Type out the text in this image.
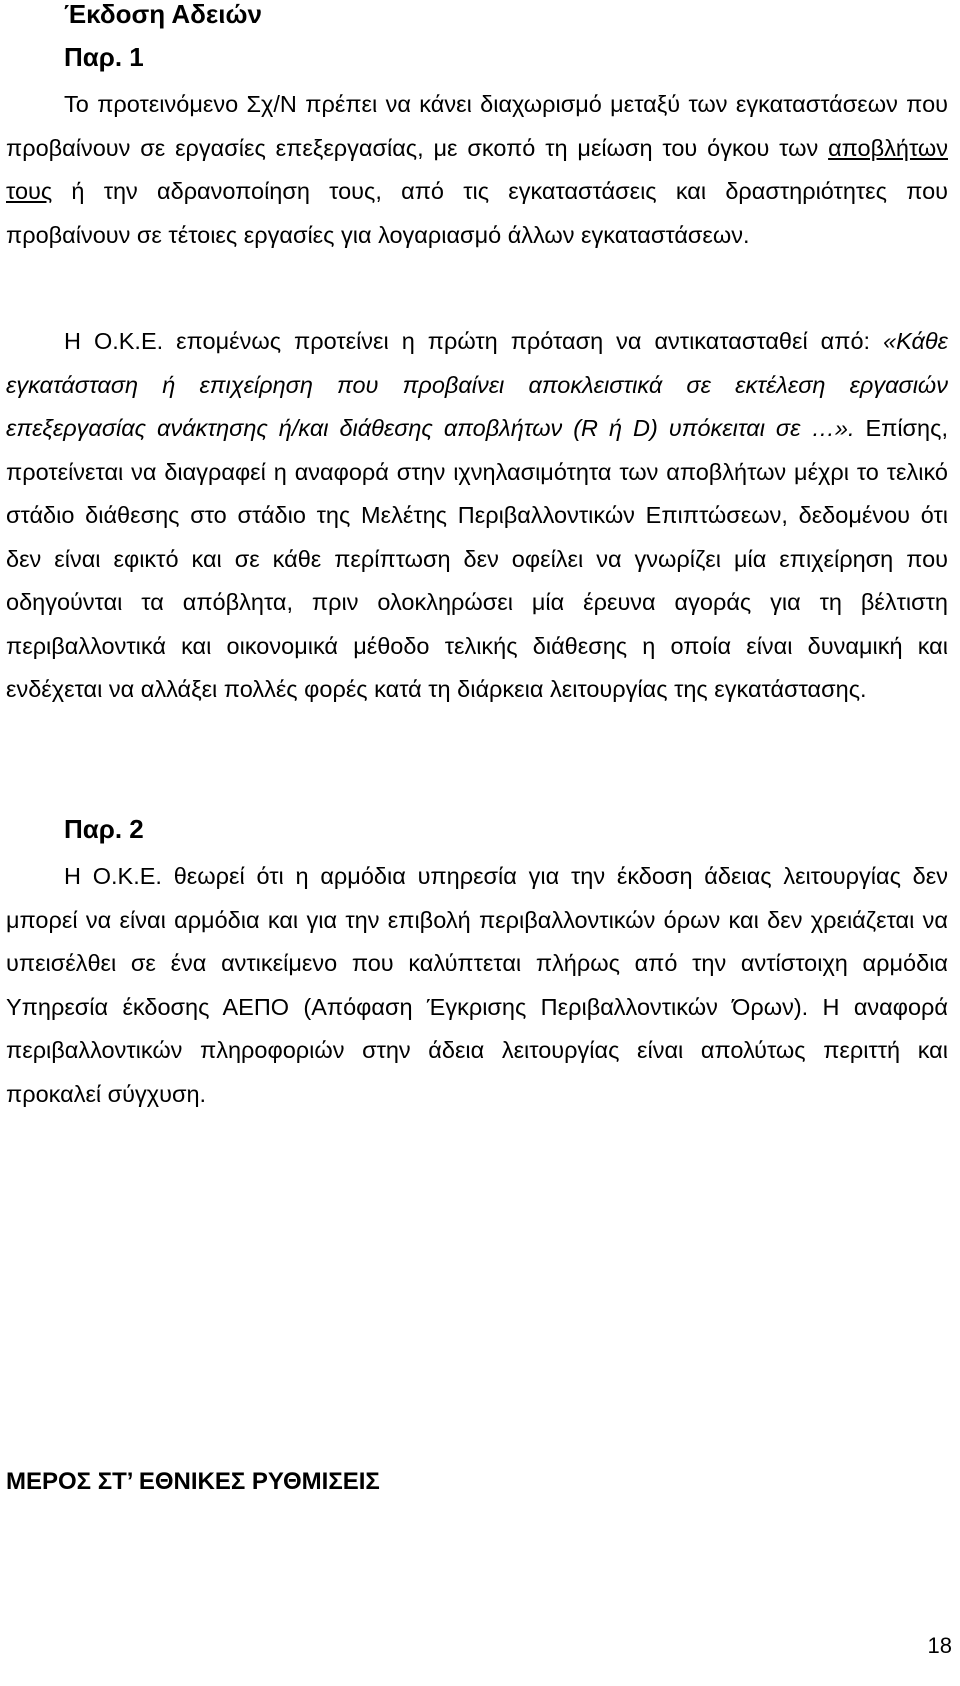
Έκδοση Αδειών
Παρ. 1

Το προτεινόμενο Σχ/Ν πρέπει να κάνει διαχωρισμό μεταξύ των εγκαταστάσεων που προβαίνουν σε εργασίες επεξεργασίας, με σκοπό τη μείωση του όγκου των αποβλήτων τους ή την αδρανοποίηση τους, από τις εγκαταστάσεις και δραστηριότητες που προβαίνουν σε τέτοιες εργασίες για λογαριασμό άλλων εγκαταστάσεων.

Η Ο.Κ.Ε. επομένως προτείνει η πρώτη πρόταση να αντικατασταθεί από: «Κάθε εγκατάσταση ή επιχείρηση που προβαίνει αποκλειστικά σε εκτέλεση εργασιών επεξεργασίας ανάκτησης ή/και διάθεσης αποβλήτων (R ή D) υπόκειται σε …». Επίσης, προτείνεται να διαγραφεί η αναφορά στην ιχνηλασιμότητα των αποβλήτων μέχρι το τελικό στάδιο διάθεσης στο στάδιο της Μελέτης Περιβαλλοντικών Επιπτώσεων, δεδομένου ότι δεν είναι εφικτό και σε κάθε περίπτωση δεν οφείλει να γνωρίζει μία επιχείρηση που οδηγούνται τα απόβλητα, πριν ολοκληρώσει μία έρευνα αγοράς για τη βέλτιστη περιβαλλοντικά και οικονομικά μέθοδο τελικής διάθεσης η οποία είναι δυναμική και ενδέχεται να αλλάξει πολλές φορές κατά τη διάρκεια λειτουργίας της εγκατάστασης.

Παρ. 2

Η Ο.Κ.Ε. θεωρεί ότι η αρμόδια υπηρεσία για την έκδοση άδειας λειτουργίας δεν μπορεί να είναι αρμόδια και για την επιβολή περιβαλλοντικών όρων και δεν χρειάζεται να υπεισέλθει σε ένα αντικείμενο που καλύπτεται πλήρως από την αντίστοιχη αρμόδια Υπηρεσία έκδοσης ΑΕΠΟ (Απόφαση Έγκρισης Περιβαλλοντικών Όρων). Η αναφορά περιβαλλοντικών πληροφοριών στην άδεια λειτουργίας είναι απολύτως περιττή και προκαλεί σύγχυση.

ΜΕΡΟΣ ΣΤ’ ΕΘΝΙΚΕΣ ΡΥΘΜΙΣΕΙΣ
18
